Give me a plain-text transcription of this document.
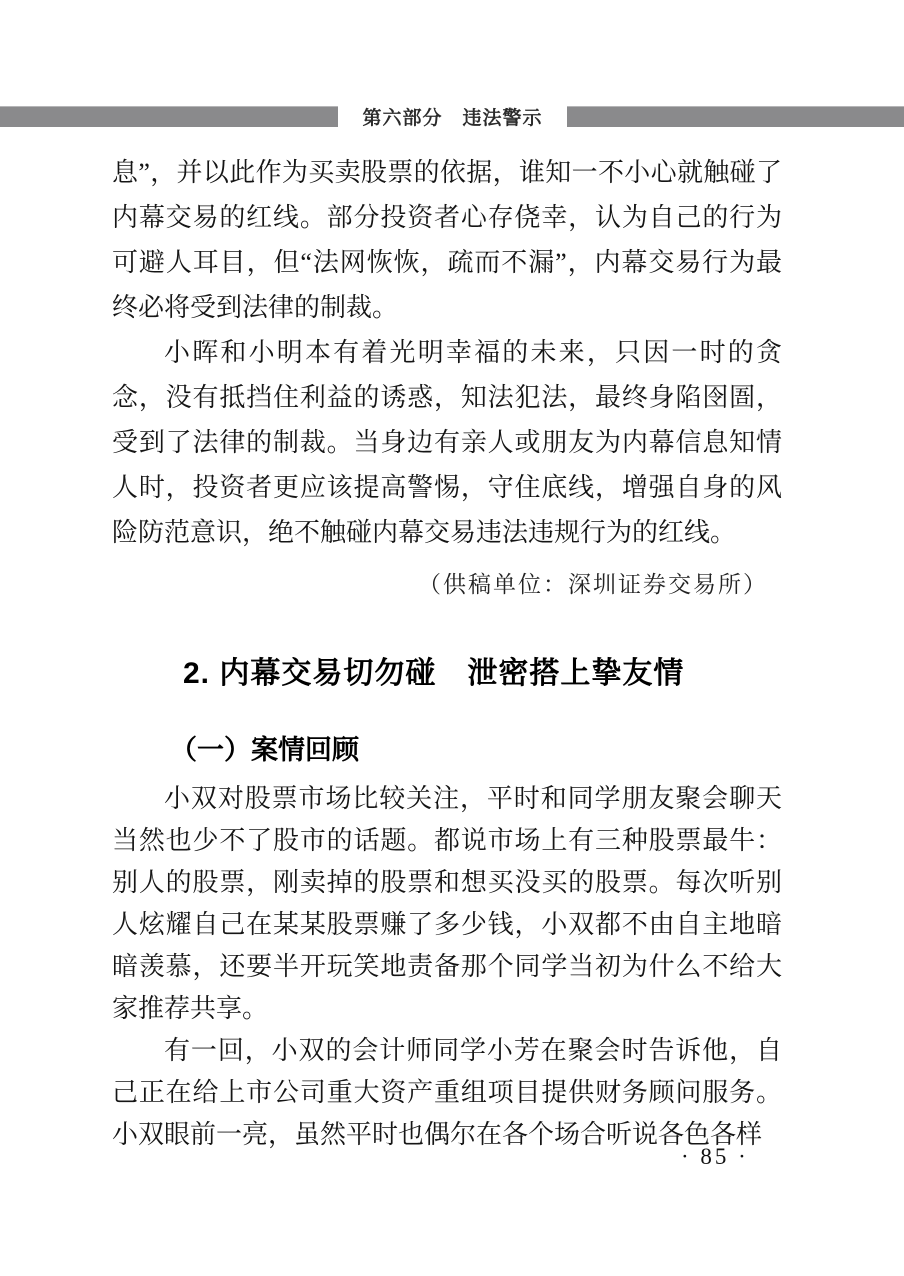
第六部分　违法警示

息”，并以此作为买卖股票的依据，谁知一不小心就触碰了内幕交易的红线。部分投资者心存侥幸，认为自己的行为可避人耳目，但“法网恢恢，疏而不漏”，内幕交易行为最终必将受到法律的制裁。

小晖和小明本有着光明幸福的未来，只因一时的贪念，没有抵挡住利益的诱惑，知法犯法，最终身陷囹圄，受到了法律的制裁。当身边有亲人或朋友为内幕信息知情人时，投资者更应该提高警惕，守住底线，增强自身的风险防范意识，绝不触碰内幕交易违法违规行为的红线。

（供稿单位：深圳证券交易所）

2. 内幕交易切勿碰　泄密搭上挚友情
（一）案情回顾

小双对股票市场比较关注，平时和同学朋友聚会聊天当然也少不了股市的话题。都说市场上有三种股票最牛：别人的股票，刚卖掉的股票和想买没买的股票。每次听别人炫耀自己在某某股票赚了多少钱，小双都不由自主地暗暗羡慕，还要半开玩笑地责备那个同学当初为什么不给大家推荐共享。

有一回，小双的会计师同学小芳在聚会时告诉他，自己正在给上市公司重大资产重组项目提供财务顾问服务。小双眼前一亮，虽然平时也偶尔在各个场合听说各色各样

· 85 ·
